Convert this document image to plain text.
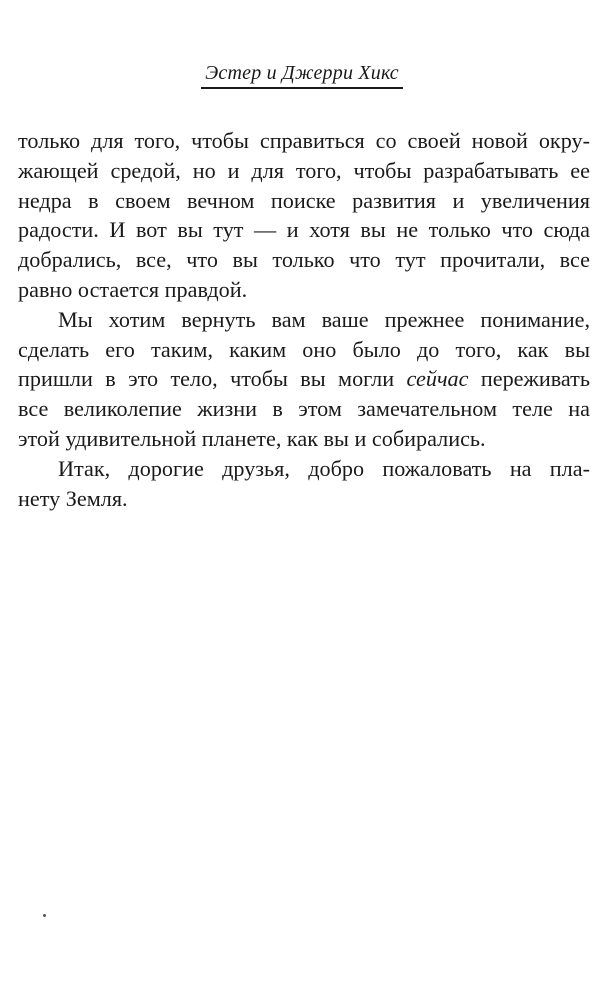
Эстер и Джерри Хикс
только для того, чтобы справиться со своей новой окру-
жающей средой, но и для того, чтобы разрабатывать ее
недра в своем вечном поиске развития и увеличения
радости. И вот вы тут — и хотя вы не только что сюда
добрались, все, что вы только что тут прочитали, все
равно остается правдой.
Мы хотим вернуть вам ваше прежнее понимание,
сделать его таким, каким оно было до того, как вы
пришли в это тело, чтобы вы могли сейчас переживать
все великолепие жизни в этом замечательном теле на
этой удивительной планете, как вы и собирались.
Итак, дорогие друзья, добро пожаловать на пла-
нету Земля.
